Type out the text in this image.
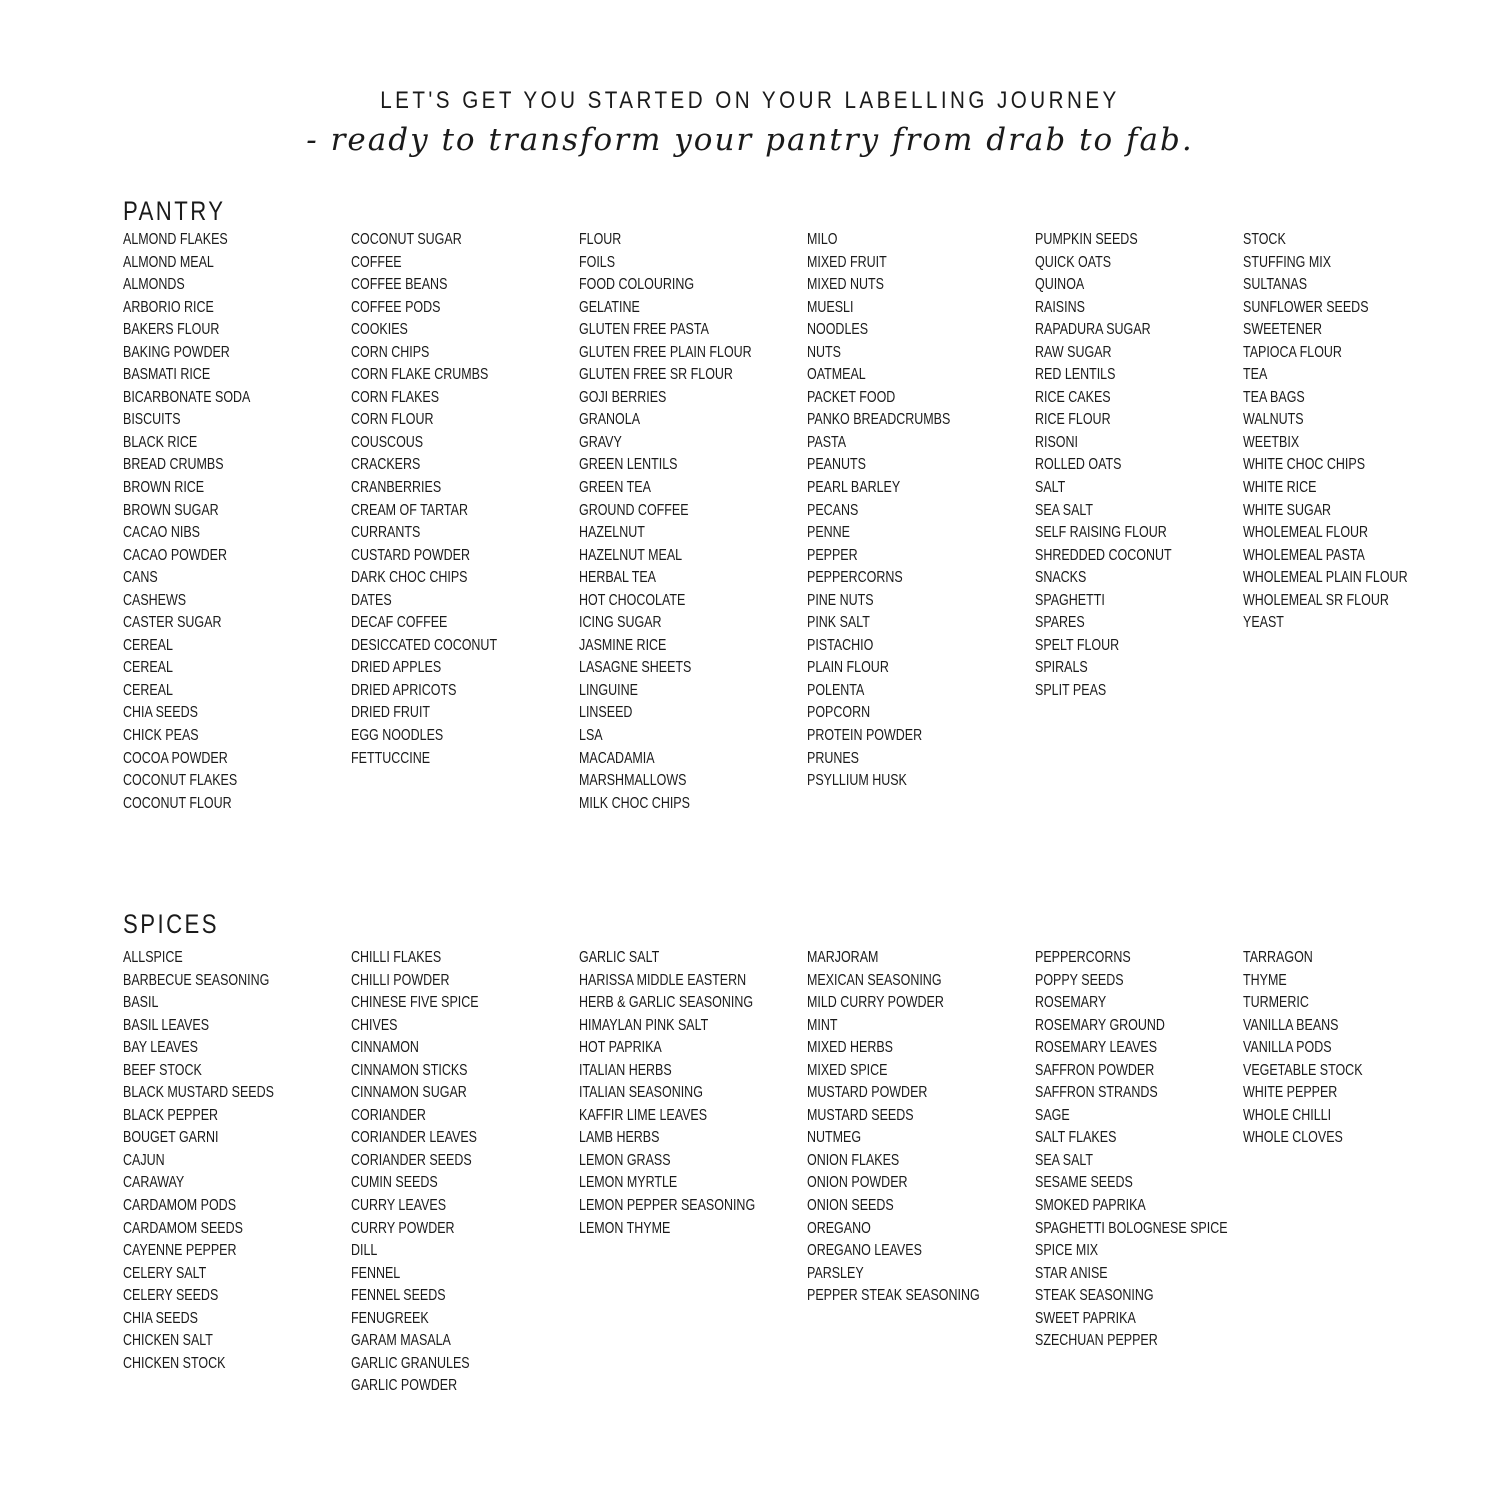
LET'S GET YOU STARTED ON YOUR LABELLING JOURNEY
- ready to transform your pantry from drab to fab.
PANTRY
ALMOND FLAKES
ALMOND MEAL
ALMONDS
ARBORIO RICE
BAKERS FLOUR
BAKING POWDER
BASMATI RICE
BICARBONATE SODA
BISCUITS
BLACK RICE
BREAD CRUMBS
BROWN RICE
BROWN SUGAR
CACAO NIBS
CACAO POWDER
CANS
CASHEWS
CASTER SUGAR
CEREAL
CEREAL
CEREAL
CHIA SEEDS
CHICK PEAS
COCOA POWDER
COCONUT FLAKES
COCONUT FLOUR
COCONUT SUGAR
COFFEE
COFFEE BEANS
COFFEE PODS
COOKIES
CORN CHIPS
CORN FLAKE CRUMBS
CORN FLAKES
CORN FLOUR
COUSCOUS
CRACKERS
CRANBERRIES
CREAM OF TARTAR
CURRANTS
CUSTARD POWDER
DARK CHOC CHIPS
DATES
DECAF COFFEE
DESICCATED COCONUT
DRIED APPLES
DRIED APRICOTS
DRIED FRUIT
EGG NOODLES
FETTUCCINE
FLOUR
FOILS
FOOD COLOURING
GELATINE
GLUTEN FREE PASTA
GLUTEN FREE PLAIN FLOUR
GLUTEN FREE SR FLOUR
GOJI BERRIES
GRANOLA
GRAVY
GREEN LENTILS
GREEN TEA
GROUND COFFEE
HAZELNUT
HAZELNUT MEAL
HERBAL TEA
HOT CHOCOLATE
ICING SUGAR
JASMINE RICE
LASAGNE SHEETS
LINGUINE
LINSEED
LSA
MACADAMIA
MARSHMALLOWS
MILK CHOC CHIPS
MILO
MIXED FRUIT
MIXED NUTS
MUESLI
NOODLES
NUTS
OATMEAL
PACKET FOOD
PANKO BREADCRUMBS
PASTA
PEANUTS
PEARL BARLEY
PECANS
PENNE
PEPPER
PEPPERCORNS
PINE NUTS
PINK SALT
PISTACHIO
PLAIN FLOUR
POLENTA
POPCORN
PROTEIN POWDER
PRUNES
PSYLLIUM HUSK
PUMPKIN SEEDS
QUICK OATS
QUINOA
RAISINS
RAPADURA SUGAR
RAW SUGAR
RED LENTILS
RICE CAKES
RICE FLOUR
RISONI
ROLLED OATS
SALT
SEA SALT
SELF RAISING FLOUR
SHREDDED COCONUT
SNACKS
SPAGHETTI
SPARES
SPELT FLOUR
SPIRALS
SPLIT PEAS
STOCK
STUFFING MIX
SULTANAS
SUNFLOWER SEEDS
SWEETENER
TAPIOCA FLOUR
TEA
TEA BAGS
WALNUTS
WEETBIX
WHITE CHOC CHIPS
WHITE RICE
WHITE SUGAR
WHOLEMEAL FLOUR
WHOLEMEAL PASTA
WHOLEMEAL PLAIN FLOUR
WHOLEMEAL SR FLOUR
YEAST
SPICES
ALLSPICE
BARBECUE SEASONING
BASIL
BASIL LEAVES
BAY LEAVES
BEEF STOCK
BLACK MUSTARD SEEDS
BLACK PEPPER
BOUGET GARNI
CAJUN
CARAWAY
CARDAMOM PODS
CARDAMOM SEEDS
CAYENNE PEPPER
CELERY SALT
CELERY SEEDS
CHIA SEEDS
CHICKEN SALT
CHICKEN STOCK
CHILLI FLAKES
CHILLI POWDER
CHINESE FIVE SPICE
CHIVES
CINNAMON
CINNAMON STICKS
CINNAMON SUGAR
CORIANDER
CORIANDER LEAVES
CORIANDER SEEDS
CUMIN SEEDS
CURRY LEAVES
CURRY POWDER
DILL
FENNEL
FENNEL SEEDS
FENUGREEK
GARAM MASALA
GARLIC GRANULES
GARLIC POWDER
GARLIC SALT
HARISSA MIDDLE EASTERN
HERB & GARLIC SEASONING
HIMAYLAN PINK SALT
HOT PAPRIKA
ITALIAN HERBS
ITALIAN SEASONING
KAFFIR LIME LEAVES
LAMB HERBS
LEMON GRASS
LEMON MYRTLE
LEMON PEPPER SEASONING
LEMON THYME
MARJORAM
MEXICAN SEASONING
MILD CURRY POWDER
MINT
MIXED HERBS
MIXED SPICE
MUSTARD POWDER
MUSTARD SEEDS
NUTMEG
ONION FLAKES
ONION POWDER
ONION SEEDS
OREGANO
OREGANO LEAVES
PARSLEY
PEPPER STEAK SEASONING
PEPPERCORNS
POPPY SEEDS
ROSEMARY
ROSEMARY GROUND
ROSEMARY LEAVES
SAFFRON POWDER
SAFFRON STRANDS
SAGE
SALT FLAKES
SEA SALT
SESAME SEEDS
SMOKED PAPRIKA
SPAGHETTI BOLOGNESE SPICE
SPICE MIX
STAR ANISE
STEAK SEASONING
SWEET PAPRIKA
SZECHUAN PEPPER
TARRAGON
THYME
TURMERIC
VANILLA BEANS
VANILLA PODS
VEGETABLE STOCK
WHITE PEPPER
WHOLE CHILLI
WHOLE CLOVES
